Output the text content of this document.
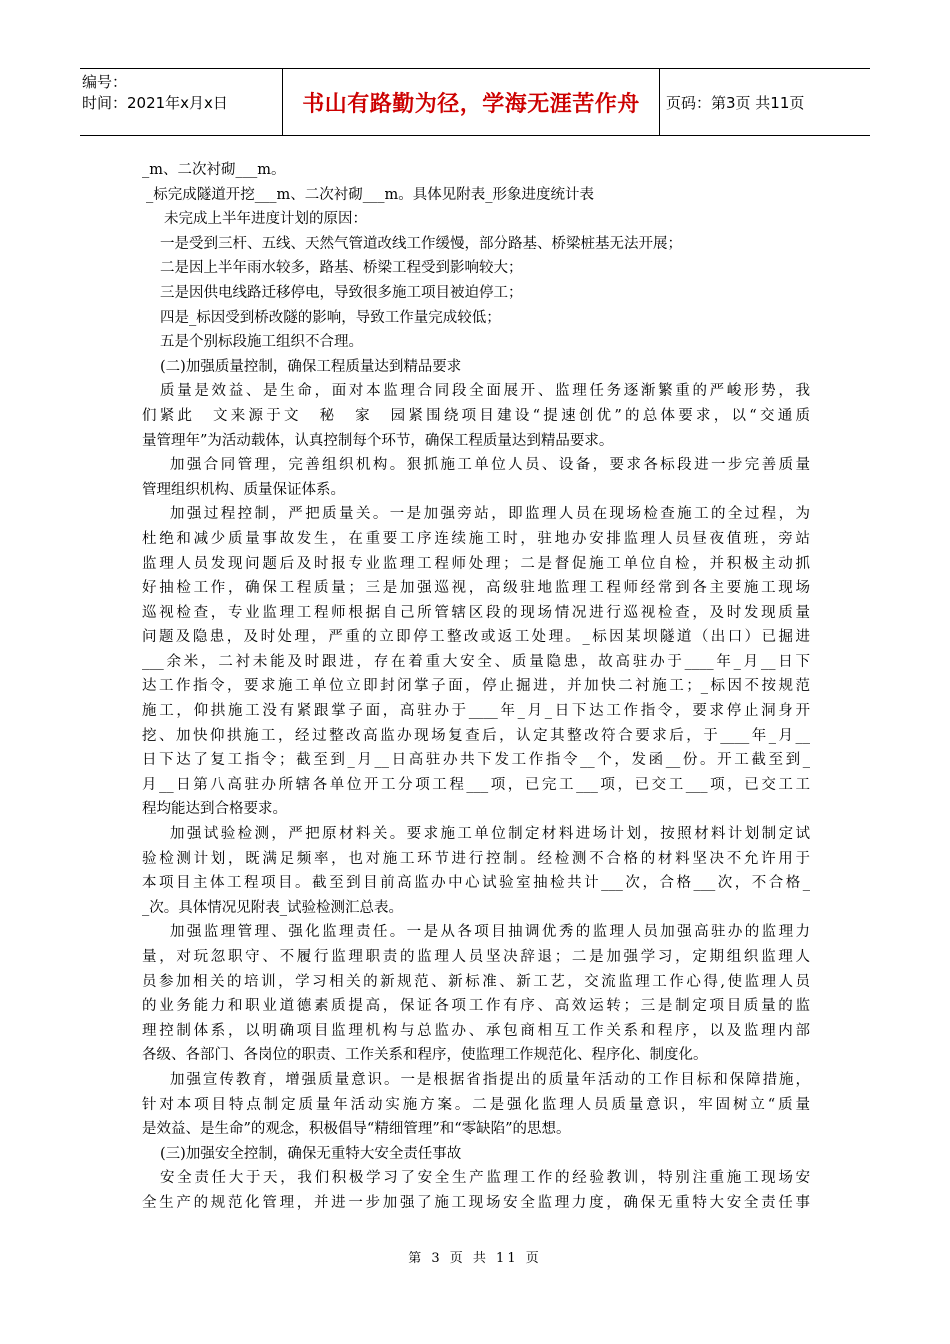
编号：
时间：2021年x月x日	书山有路勤为径，学海无涯苦作舟 页码：第3页 共11页
_m、二次衬砌___m。
_标完成隧道开挖___m、二次衬砌___m。具体见附表_形象进度统计表
未完成上半年进度计划的原因：
一是受到三杆、五线、天然气管道改线工作缓慢，部分路基、桥梁桩基无法开展；
二是因上半年雨水较多，路基、桥梁工程受到影响较大；
三是因供电线路迁移停电，导致很多施工项目被迫停工；
四是_标因受到桥改隧的影响，导致工作量完成较低；
五是个别标段施工组织不合理。
(二)加强质量控制，确保工程质量达到精品要求
质量是效益、是生命，面对本监理合同段全面展开、监理任务逐渐繁重的严峻形势，我
们紧此　文来源于文　秘　家　园紧围绕项目建设“提速创优”的总体要求，以“交通质
量管理年”为活动载体，认真控制每个环节，确保工程质量达到精品要求。
加强合同管理，完善组织机构。狠抓施工单位人员、设备，要求各标段进一步完善质量
管理组织机构、质量保证体系。
加强过程控制，严把质量关。一是加强旁站，即监理人员在现场检查施工的全过程，为
杜绝和减少质量事故发生，在重要工序连续施工时，驻地办安排监理人员昼夜值班，旁站
监理人员发现问题后及时报专业监理工程师处理；二是督促施工单位自检，并积极主动抓
好抽检工作，确保工程质量；三是加强巡视，高级驻地监理工程师经常到各主要施工现场
巡视检查，专业监理工程师根据自己所管辖区段的现场情况进行巡视检查，及时发现质量
问题及隐患，及时处理，严重的立即停工整改或返工处理。_标因某坝隧道（出口）已掘进
___余米，二衬未能及时跟进，存在着重大安全、质量隐患，故高驻办于____年_月__日下
达工作指令，要求施工单位立即封闭掌子面，停止掘进，并加快二衬施工；_标因不按规范
施工，仰拱施工没有紧跟掌子面，高驻办于____年_月_日下达工作指令，要求停止洞身开
挖、加快仰拱施工，经过整改高监办现场复查后，认定其整改符合要求后，于____年_月__
日下达了复工指令；截至到_月__日高驻办共下发工作指令__个，发函__份。开工截至到_
月__日第八高驻办所辖各单位开工分项工程___项，已完工___项，已交工___项，已交工工
程均能达到合格要求。
加强试验检测，严把原材料关。要求施工单位制定材料进场计划，按照材料计划制定试
验检测计划，既满足频率，也对施工环节进行控制。经检测不合格的材料坚决不允许用于
本项目主体工程项目。截至到目前高监办中心试验室抽检共计___次，合格___次，不合格_
_次。具体情况见附表_试验检测汇总表。
加强监理管理、强化监理责任。一是从各项目抽调优秀的监理人员加强高驻办的监理力
量，对玩忽职守、不履行监理职责的监理人员坚决辞退；二是加强学习，定期组织监理人
员参加相关的培训，学习相关的新规范、新标准、新工艺，交流监理工作心得,使监理人员
的业务能力和职业道德素质提高，保证各项工作有序、高效运转；三是制定项目质量的监
理控制体系，以明确项目监理机构与总监办、承包商相互工作关系和程序，以及监理内部
各级、各部门、各岗位的职责、工作关系和程序，使监理工作规范化、程序化、制度化。
加强宣传教育，增强质量意识。一是根据省指提出的质量年活动的工作目标和保障措施，
针对本项目特点制定质量年活动实施方案。二是强化监理人员质量意识，牢固树立“质量
是效益、是生命”的观念，积极倡导“精细管理”和“零缺陷”的思想。
(三)加强安全控制，确保无重特大安全责任事故
安全责任大于天，我们积极学习了安全生产监理工作的经验教训，特别注重施工现场安
全生产的规范化管理，并进一步加强了施工现场安全监理力度，确保无重特大安全责任事
第 3 页 共 11 页
